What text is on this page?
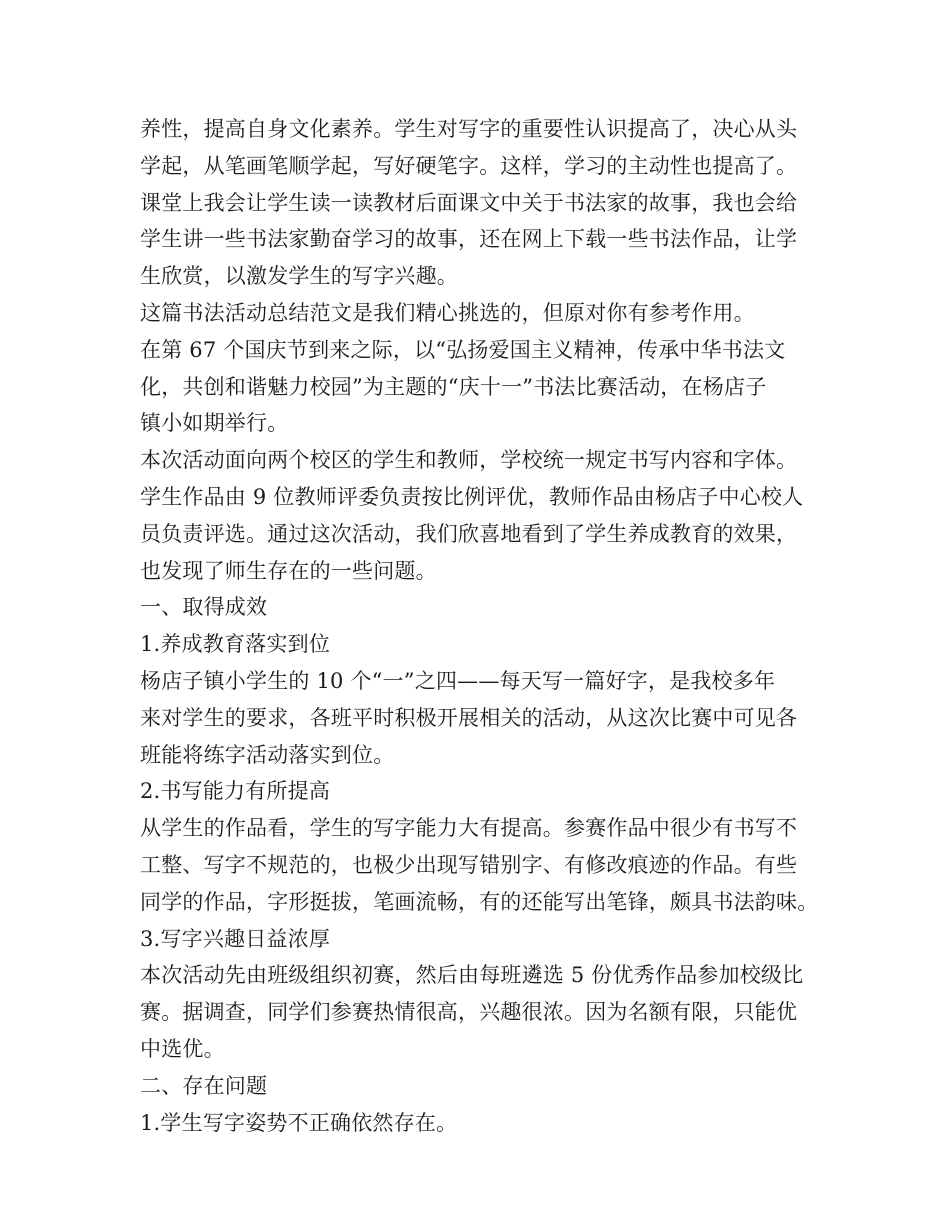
养性，提高自身文化素养。学生对写字的重要性认识提高了，决心从头

学起，从笔画笔顺学起，写好硬笔字。这样，学习的主动性也提高了。

课堂上我会让学生读一读教材后面课文中关于书法家的故事，我也会给

学生讲一些书法家勤奋学习的故事，还在网上下载一些书法作品，让学

生欣赏，以激发学生的写字兴趣。

这篇书法活动总结范文是我们精心挑选的，但原对你有参考作用。

在第 67 个国庆节到来之际，以“弘扬爱国主义精神，传承中华书法文

化，共创和谐魅力校园”为主题的“庆十一”书法比赛活动，在杨店子

镇小如期举行。

本次活动面向两个校区的学生和教师，学校统一规定书写内容和字体。

学生作品由 9 位教师评委负责按比例评优，教师作品由杨店子中心校人

员负责评选。通过这次活动，我们欣喜地看到了学生养成教育的效果，

也发现了师生存在的一些问题。

一、取得成效

1.养成教育落实到位

杨店子镇小学生的 10 个“一”之四——每天写一篇好字，是我校多年

来对学生的要求，各班平时积极开展相关的活动，从这次比赛中可见各

班能将练字活动落实到位。

2.书写能力有所提高

从学生的作品看，学生的写字能力大有提高。参赛作品中很少有书写不

工整、写字不规范的，也极少出现写错别字、有修改痕迹的作品。有些

同学的作品，字形挺拔，笔画流畅，有的还能写出笔锋，颇具书法韵味。

3.写字兴趣日益浓厚

本次活动先由班级组织初赛，然后由每班遴选 5 份优秀作品参加校级比

赛。据调查，同学们参赛热情很高，兴趣很浓。因为名额有限，只能优

中选优。

二、存在问题

1.学生写字姿势不正确依然存在。
